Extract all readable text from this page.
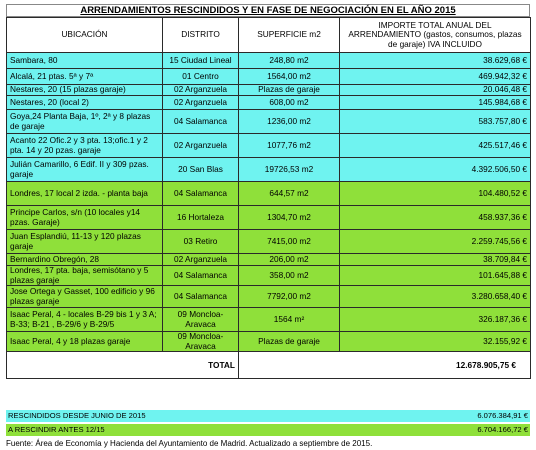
ARRENDAMIENTOS RESCINDIDOS Y EN FASE DE NEGOCIACIÓN EN EL AÑO 2015
UBICACIÓN	DISTRITO	SUPERFICIE m2	IMPORTE TOTAL ANUAL DEL ARRENDAMIENTO (gastos, consumos, plazas de garaje) IVA INCLUIDO
Sambara, 80	15 Ciudad Lineal	248,80 m2	38.629,68 €
Alcalá, 21 ptas. 5ª y 7ª	01 Centro	1564,00 m2	469.942,32 €
Nestares, 20 (15 plazas garaje)	02 Arganzuela	Plazas de garaje	20.046,48 €
Nestares, 20 (local 2)	02 Arganzuela	608,00 m2	145.984,68 €
Goya,24 Planta Baja, 1º, 2ª y 8 plazas de garaje	04 Salamanca	1236,00 m2	583.757,80 €
Acanto 22 Ofic.2 y 3 pta. 13;ofic.1 y 2 pta. 14 y 20 pzas. garaje	02 Arganzuela	1077,76 m2	425.517,46 €
Julián Camarillo, 6 Edif. II y 309 pzas. garaje	20 San Blas	19726,53 m2	4.392.506,50 €
Londres, 17 local 2 izda. - planta baja	04 Salamanca	644,57 m2	104.480,52 €
Principe Carlos, s/n (10 locales y14 pzas. Garaje)	16 Hortaleza	1304,70 m2	458.937,36 €
Juan Esplandiú, 11-13 y 120 plazas garaje	03 Retiro	7415,00 m2	2.259.745,56 €
Bernardino Obregón, 28	02 Arganzuela	206,00 m2	38.709,84 €
Londres, 17 pta. baja, semisótano y 5 plazas garaje	04 Salamanca	358,00 m2	101.645,88 €
Jose Ortega y Gasset, 100 edificio y 96 plazas garaje	04 Salamanca	7792,00 m2	3.280.658,40 €
Isaac Peral, 4 - locales B-29 bis 1 y 3 A; B-33; B-21 , B-29/6 y B-29/5	09 Moncloa-Aravaca	1564 m²	326.187,36 €
Isaac Peral, 4 y 18 plazas garaje	09 Moncloa-Aravaca	Plazas de garaje	32.155,92 €
TOTAL		12.678.905,75 €	
RESCINDIDOS DESDE JUNIO DE 2015	6.076.384,91 €
A RESCINDIR ANTES 12/15	6.704.166,72 €
Fuente: Área de Economía y Hacienda del Ayuntamiento de Madrid. Actualizado a septiembre de 2015.
